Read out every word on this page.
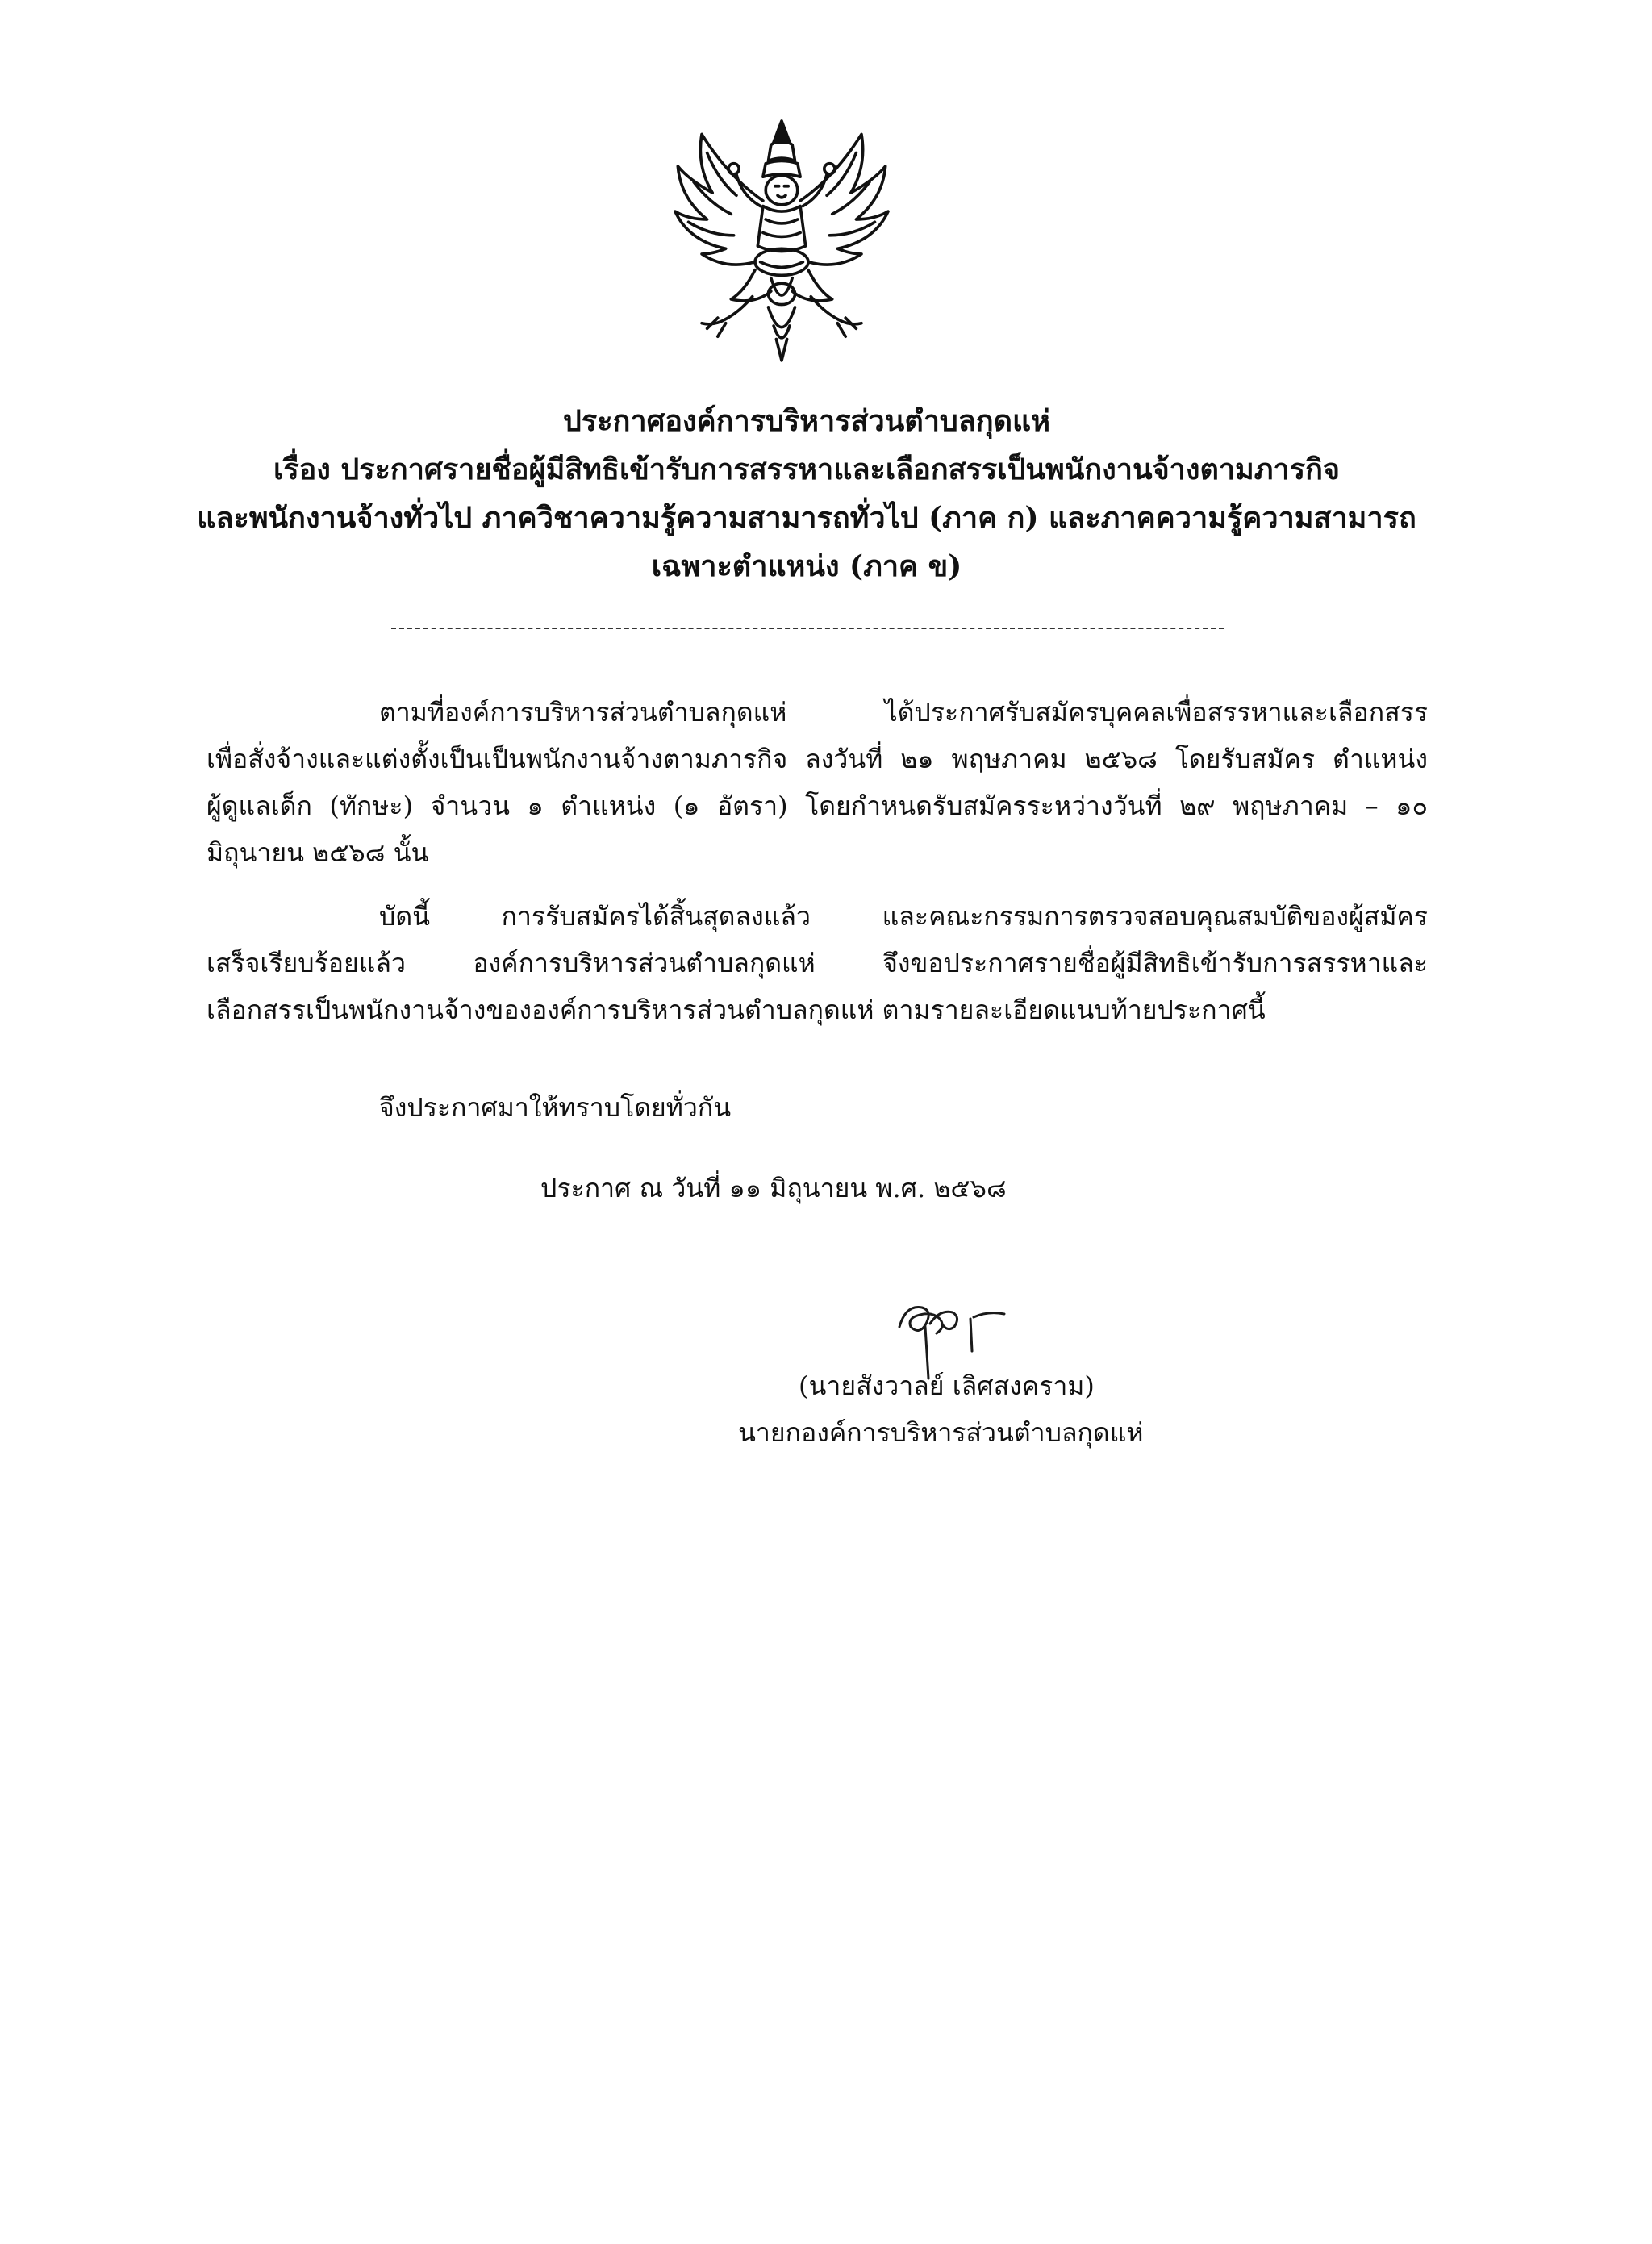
ประกาศองค์การบริหารส่วนตำบลกุดแห่
เรื่อง ประกาศรายชื่อผู้มีสิทธิเข้ารับการสรรหาและเลือกสรรเป็นพนักงานจ้างตามภารกิจ
และพนักงานจ้างทั่วไป ภาควิชาความรู้ความสามารถทั่วไป (ภาค ก) และภาคความรู้ความสามารถ
เฉพาะตำแหน่ง (ภาค ข)
ตามที่องค์การบริหารส่วนตำบลกุดแห่ ได้ประกาศรับสมัครบุคคลเพื่อสรรหาและเลือกสรร
เพื่อสั่งจ้างและแต่งตั้งเป็นเป็นพนักงานจ้างตามภารกิจ ลงวันที่ ๒๑ พฤษภาคม ๒๕๖๘ โดยรับสมัคร ตำแหน่ง
ผู้ดูแลเด็ก (ทักษะ) จำนวน ๑ ตำแหน่ง (๑ อัตรา) โดยกำหนดรับสมัครระหว่างวันที่ ๒๙ พฤษภาคม – ๑๐
มิถุนายน ๒๕๖๘ นั้น
บัดนี้ การรับสมัครได้สิ้นสุดลงแล้ว และคณะกรรมการตรวจสอบคุณสมบัติของผู้สมัคร
เสร็จเรียบร้อยแล้ว องค์การบริหารส่วนตำบลกุดแห่ จึงขอประกาศรายชื่อผู้มีสิทธิเข้ารับการสรรหาและ
เลือกสรรเป็นพนักงานจ้างขององค์การบริหารส่วนตำบลกุดแห่ ตามรายละเอียดแนบท้ายประกาศนี้
จึงประกาศมาให้ทราบโดยทั่วกัน
ประกาศ ณ วันที่ ๑๑ มิถุนายน พ.ศ. ๒๕๖๘
(นายสังวาลย์ เลิศสงคราม)
นายกองค์การบริหารส่วนตำบลกุดแห่
